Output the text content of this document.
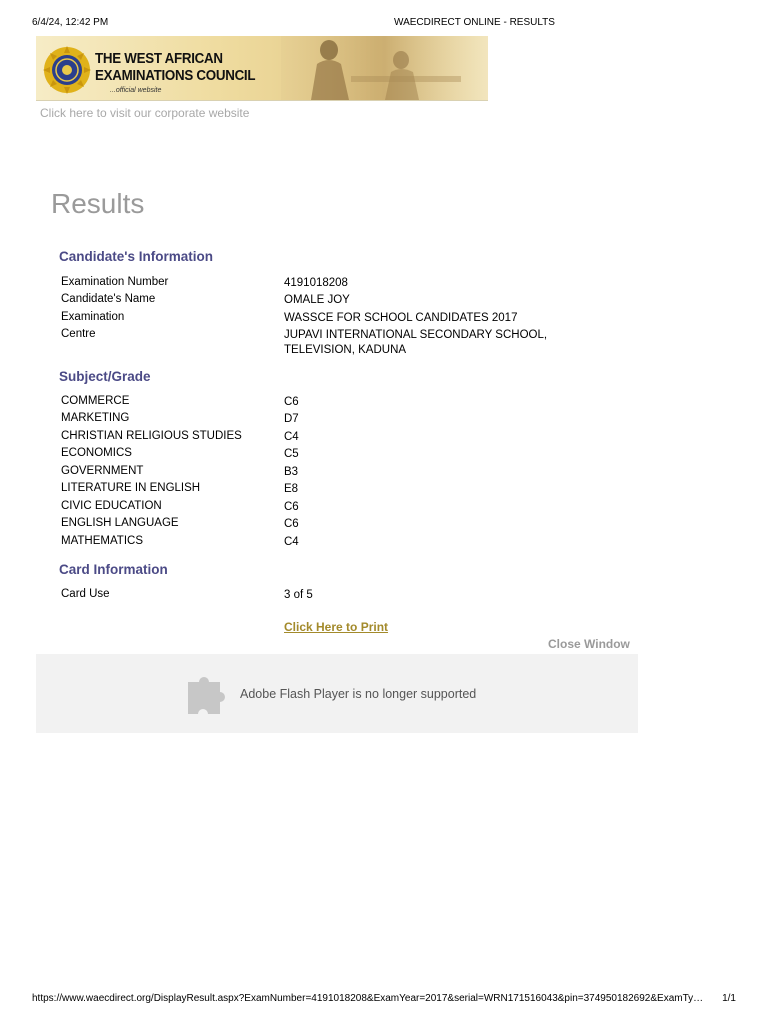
6/4/24, 12:42 PM	WAECDIRECT ONLINE - RESULTS
THE WEST AFRICAN
EXAMINATIONS COUNCIL
...official website
Click here to visit our corporate website
Results
Candidate's Information
Examination Number	4191018208
Candidate's Name	OMALE JOY
Examination	WASSCE FOR SCHOOL CANDIDATES 2017
Centre	JUPAVI INTERNATIONAL SECONDARY SCHOOL, TELEVISION, KADUNA
Subject/Grade
COMMERCE	C6
MARKETING	D7
CHRISTIAN RELIGIOUS STUDIES	C4
ECONOMICS	C5
GOVERNMENT	B3
LITERATURE IN ENGLISH	E8
CIVIC EDUCATION	C6
ENGLISH LANGUAGE	C6
MATHEMATICS	C4
Card Information
Card Use	3 of 5
Click Here to Print
Close Window
Adobe Flash Player is no longer supported
https://www.waecdirect.org/DisplayResult.aspx?ExamNumber=4191018208&ExamYear=2017&serial=WRN171516043&pin=374950182692&ExamTy…	1/1
